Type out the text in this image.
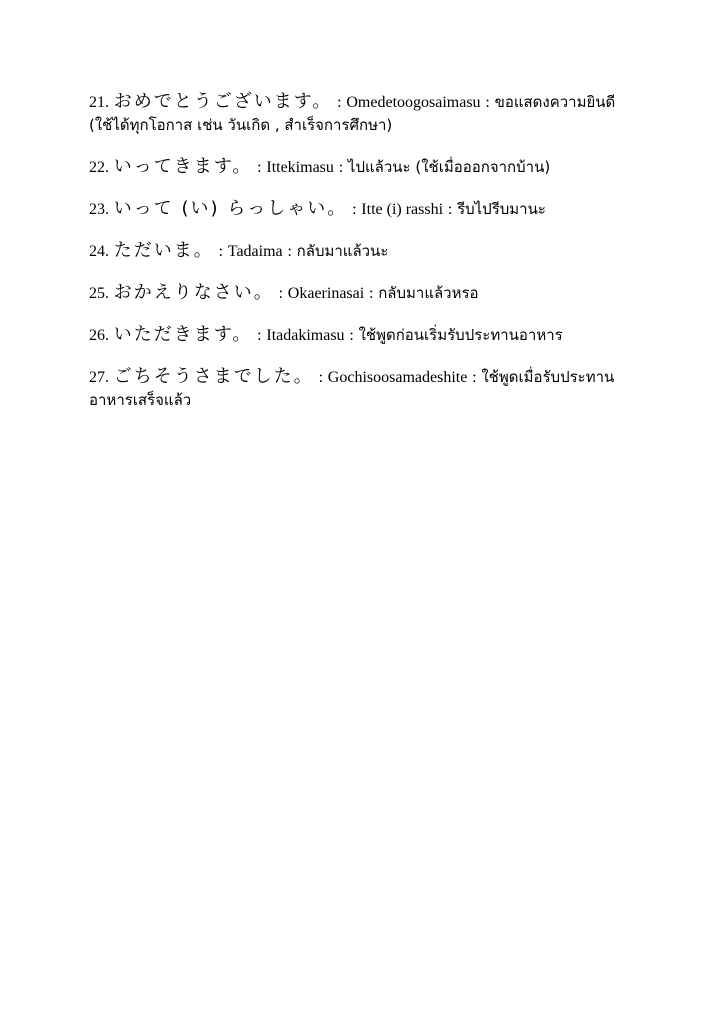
21. おめでとうございます。 : Omedetoogosaimasu : ขอแสดงความยินดี (ใช้ได้ทุกโอกาส เช่น วันเกิด , สำเร็จการศึกษา)
22. いってきます。 : Ittekimasu : ไปแล้วนะ (ใช้เมื่อออกจากบ้าน)
23. いって (い) らっしゃい。 : Itte (i) rasshi : รีบไปรีบมานะ
24. ただいま。 : Tadaima : กลับมาแล้วนะ
25. おかえりなさい。 : Okaerinasai : กลับมาแล้วหรอ
26. いただきます。 : Itadakimasu : ใช้พูดก่อนเริ่มรับประทานอาหาร
27. ごちそうさまでした。 : Gochisoosamadeshite : ใช้พูดเมื่อรับประทานอาหารเสร็จแล้ว
